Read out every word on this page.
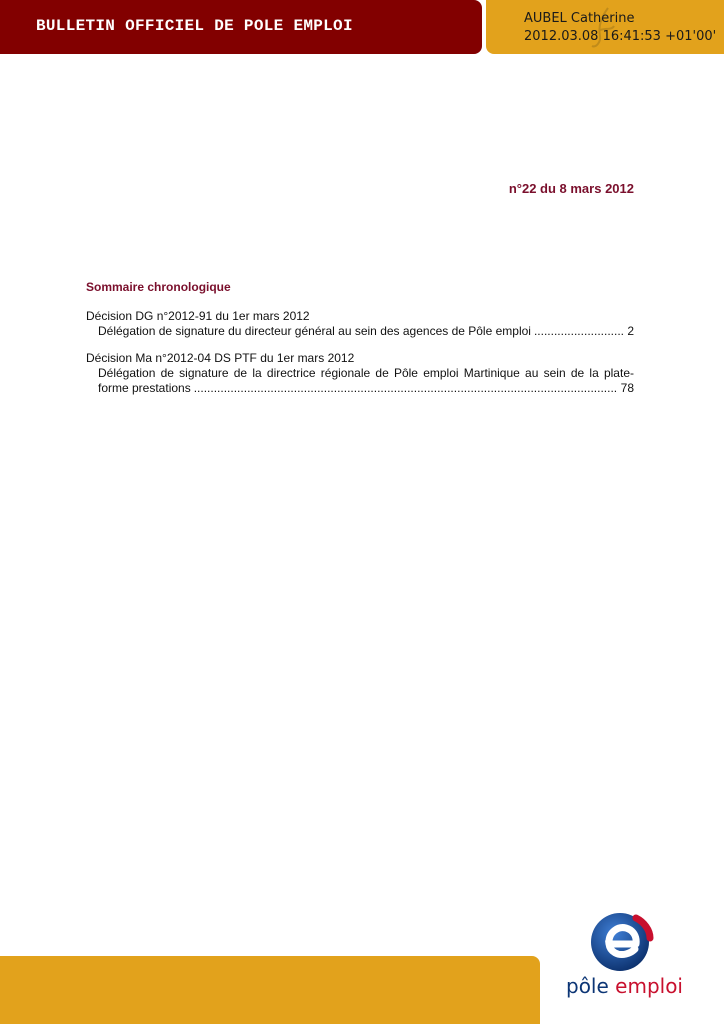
BULLETIN OFFICIEL DE POLE EMPLOI	AUBEL Catherine
2012.03.08 16:41:53 +01'00'
n°22 du 8 mars 2012
Sommaire chronologique
Décision DG n°2012-91 du 1er mars 2012
Délégation de signature du directeur général au sein des agences de Pôle emploi .....	2
Décision Ma n°2012-04 DS PTF du 1er mars 2012
Délégation de signature de la directrice régionale de Pôle emploi Martinique au sein de la plate-
forme prestations .....	78
pôle emploi
